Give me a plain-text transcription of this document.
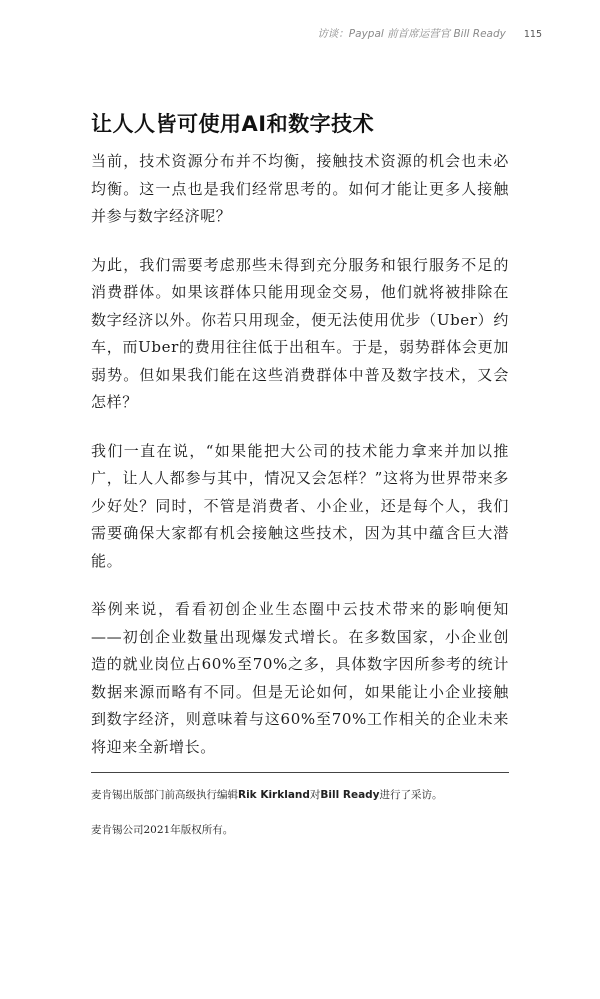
访谈：Paypal 前首席运营官 Bill Ready 115
让人人皆可使用AI和数字技术

当前，技术资源分布并不均衡，接触技术资源的机会也未必均衡。这一点也是我们经常思考的。如何才能让更多人接触并参与数字经济呢？

为此，我们需要考虑那些未得到充分服务和银行服务不足的消费群体。如果该群体只能用现金交易，他们就将被排除在数字经济以外。你若只用现金，便无法使用优步（Uber）约车，而Uber的费用往往低于出租车。于是，弱势群体会更加弱势。但如果我们能在这些消费群体中普及数字技术，又会怎样？

我们一直在说，“如果能把大公司的技术能力拿来并加以推广，让人人都参与其中，情况又会怎样？”这将为世界带来多少好处？同时，不管是消费者、小企业，还是每个人，我们需要确保大家都有机会接触这些技术，因为其中蕴含巨大潜能。

举例来说，看看初创企业生态圈中云技术带来的影响便知——初创企业数量出现爆发式增长。在多数国家，小企业创造的就业岗位占60%至70%之多，具体数字因所参考的统计数据来源而略有不同。但是无论如何，如果能让小企业接触到数字经济，则意味着与这60%至70%工作相关的企业未来将迎来全新增长。

麦肯锡出版部门前高级执行编辑Rik Kirkland对Bill Ready进行了采访。

麦肯锡公司2021年版权所有。
